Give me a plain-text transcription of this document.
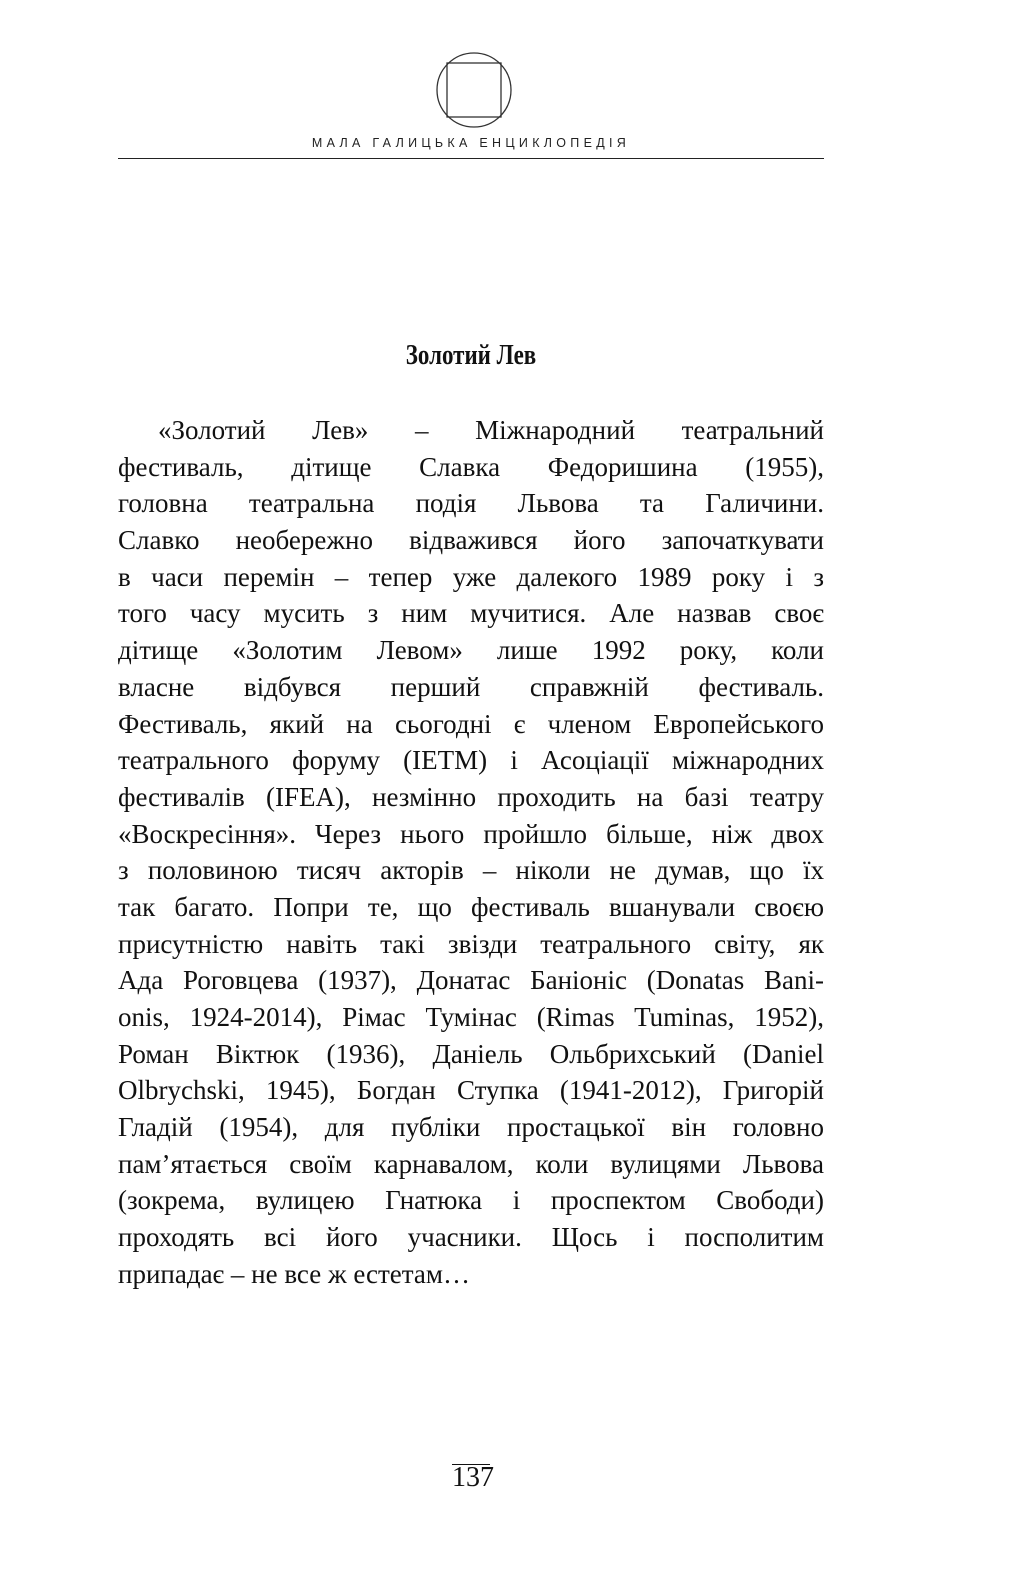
МАЛА ГАЛИЦЬКА ЕНЦИКЛОПЕДІЯ
Золотий Лев
«Золотий Лев» – Міжнародний театральний
фестиваль, дітище Славка Федоришина (1955),
головна театральна подія Львова та Галичини.
Славко необережно відважився його започаткувати
в часи перемін – тепер уже далекого 1989 року і з
того часу мусить з ним мучитися. Але назвав своє
дітище «Золотим Левом» лише 1992 року, коли
власне відбувся перший справжній фестиваль.
Фестиваль, який на сьогодні є членом Европейського
театрального форуму (IETM) і Асоціації міжнародних
фестивалів (IFEA), незмінно проходить на базі театру
«Воскресіння». Через нього пройшло більше, ніж двох
з половиною тисяч акторів – ніколи не думав, що їх
так багато. Попри те, що фестиваль вшанували своєю
присутністю навіть такі звізди театрального світу, як
Ада Роговцева (1937), Донатас Баніоніс (Donatas Bani-
onis, 1924-2014), Рімас Тумінас (Rimas Tuminas, 1952),
Роман Віктюк (1936), Даніель Ольбрихський (Daniel
Olbrychski, 1945), Богдан Ступка (1941-2012), Григорій
Гладій (1954), для публіки простацької він головно
пам’ятається своїм карнавалом, коли вулицями Львова
(зокрема, вулицею Гнатюка і проспектом Свободи)
проходять всі його учасники. Щось і посполитим
припадає – не все ж естетам…
137
